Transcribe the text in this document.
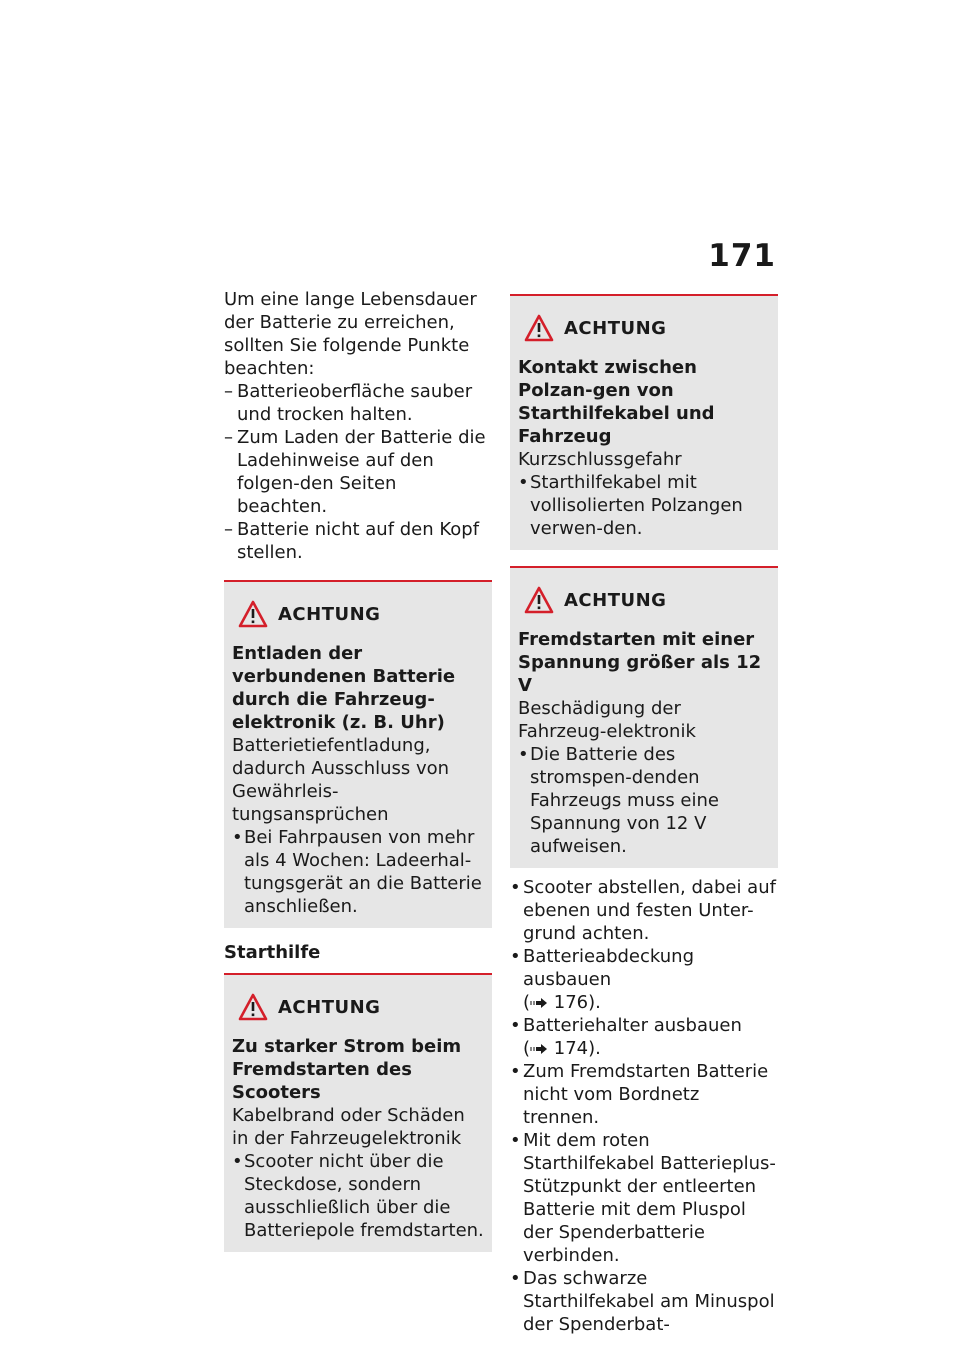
171

Um eine lange Lebensdauer der Batterie zu erreichen, sollten Sie folgende Punkte beachten:

– Batterieoberfläche sauber und trocken halten.
– Zum Laden der Batterie die Ladehinweise auf den folgen-den Seiten beachten.
– Batterie nicht auf den Kopf stellen.
ACHTUNG

Entladen der verbundenen Batterie durch die Fahrzeug-elektronik (z. B. Uhr)

Batterietiefentladung, dadurch Ausschluss von Gewährleis-tungsansprüchen

• Bei Fahrpausen von mehr als 4 Wochen: Ladeerhal-tungsgerät an die Batterie anschließen.

Starthilfe

ACHTUNG

Zu starker Strom beim Fremdstarten des Scooters

Kabelbrand oder Schäden in der Fahrzeugelektronik

• Scooter nicht über die Steckdose, sondern ausschließlich über die Batteriepole fremdstarten.
ACHTUNG

Kontakt zwischen Polzan-gen von Starthilfekabel und Fahrzeug

Kurzschlussgefahr

• Starthilfekabel mit vollisolierten Polzangen verwen-den.
ACHTUNG

Fremdstarten mit einer Spannung größer als 12 V

Beschädigung der Fahrzeug-elektronik

• Die Batterie des stromspen-denden Fahrzeugs muss eine Spannung von 12 V aufweisen.
• Scooter abstellen, dabei auf ebenen und festen Unter-grund achten.
• Batterieabdeckung ausbauen
( 176).
• Batteriehalter ausbauen
( 174).
• Zum Fremdstarten Batterie nicht vom Bordnetz trennen.
• Mit dem roten Starthilfekabel Batterieplus-Stützpunkt der entleerten Batterie mit dem Pluspol der Spenderbatterie verbinden.
• Das schwarze Starthilfekabel am Minuspol der Spenderbat-
